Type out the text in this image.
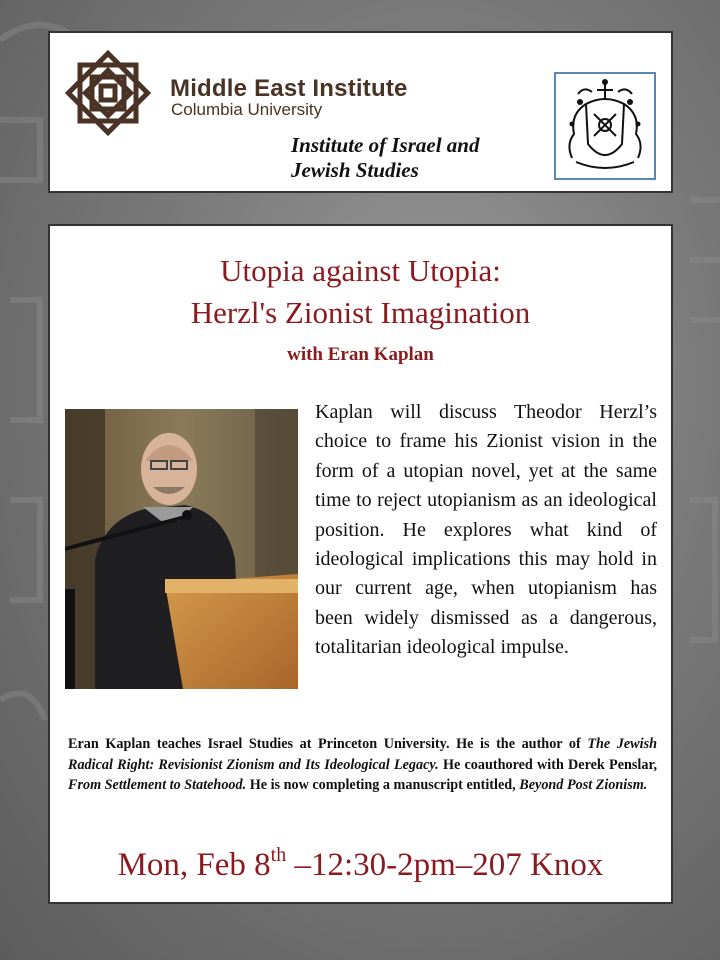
Middle East Institute
Columbia University
Institute of Israel and
Jewish Studies
Utopia against Utopia:
Herzl's Zionist Imagination
with Eran Kaplan
Kaplan will discuss Theodor Herzl’s choice to frame his Zionist vision in the form of a utopian novel, yet at the same time to reject utopianism as an ideological position. He explores what kind of ideological implications this may hold in our current age, when utopianism has been widely dismissed as a dangerous, totalitarian ideological impulse.
Eran Kaplan teaches Israel Studies at Princeton University. He is the author of The Jewish Radical Right: Revisionist Zionism and Its Ideological Legacy. He coauthored with Derek Penslar, From Settlement to Statehood. He is now completing a manuscript entitled, Beyond Post Zionism.
Mon, Feb 8th –12:30-2pm–207 Knox
